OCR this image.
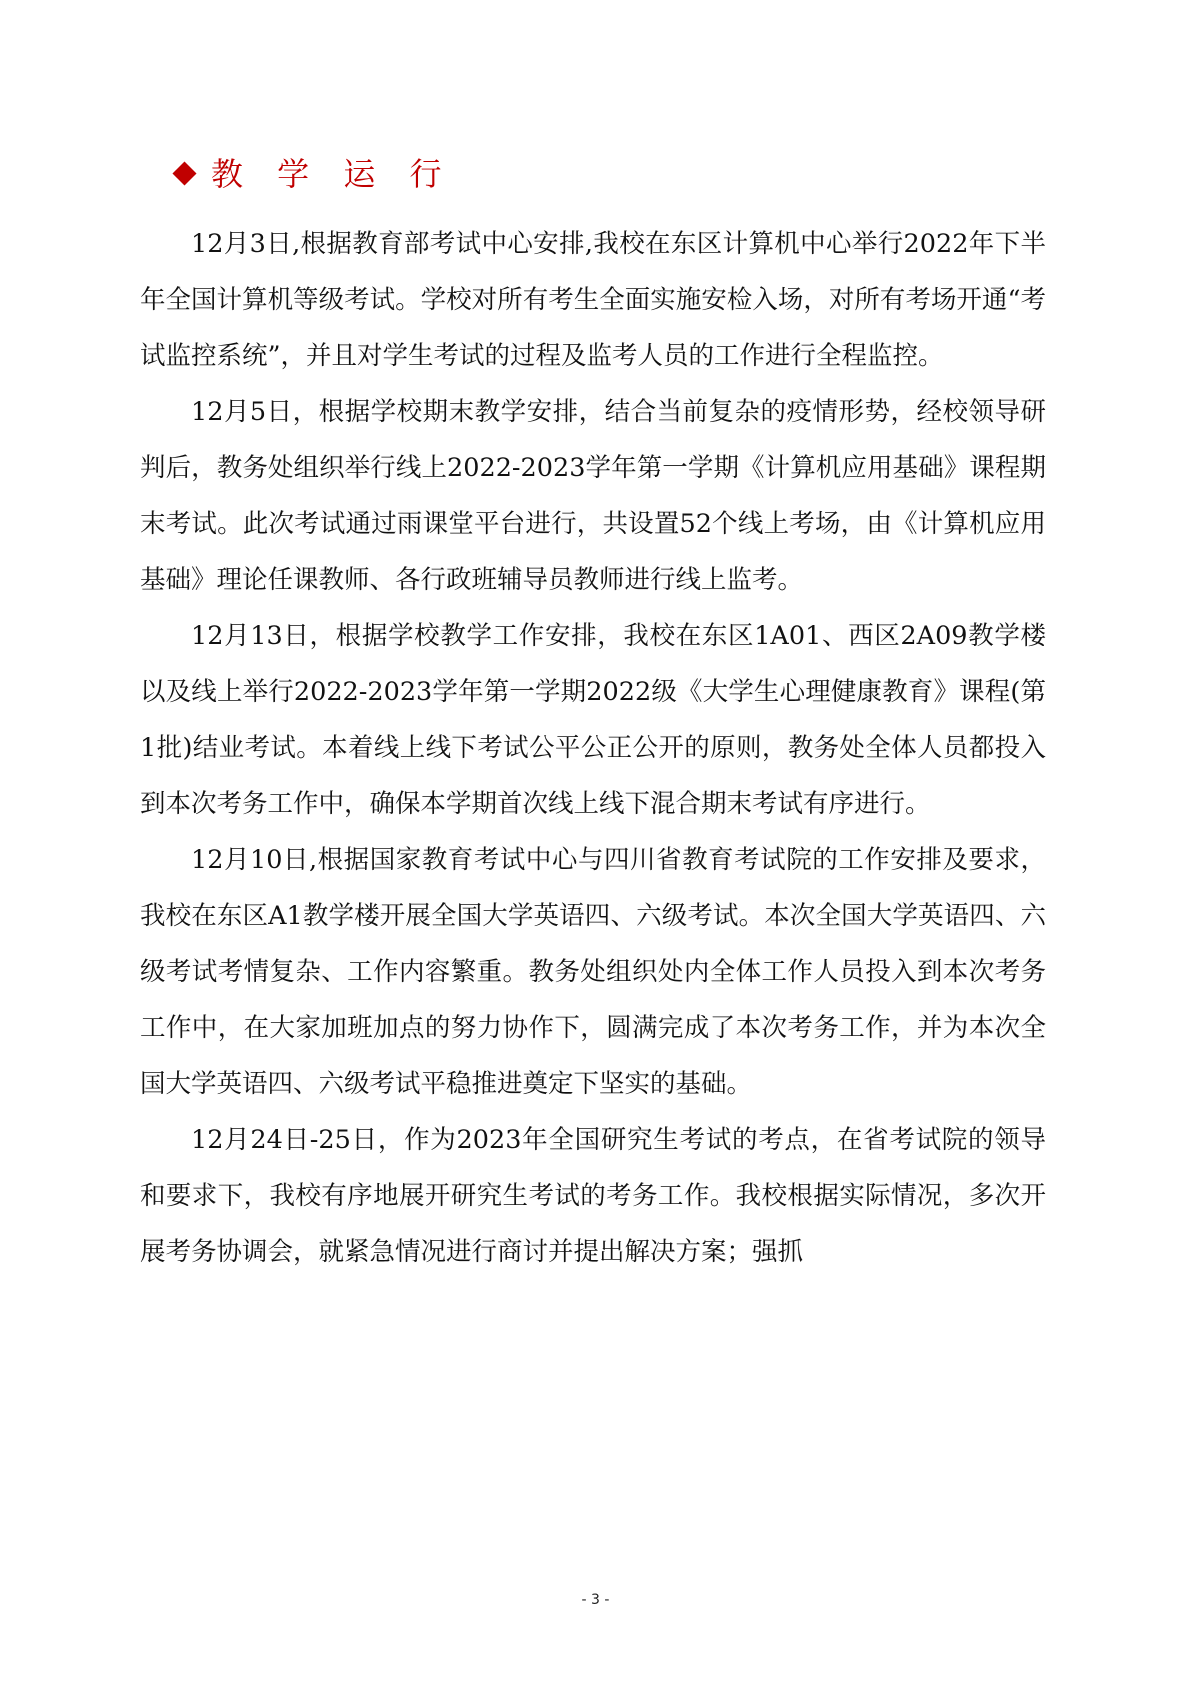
教 学 运 行

12月3日,根据教育部考试中心安排,我校在东区计算机中心举行2022年下半年全国计算机等级考试。学校对所有考生全面实施安检入场，对所有考场开通“考试监控系统”，并且对学生考试的过程及监考人员的工作进行全程监控。

12月5日，根据学校期末教学安排，结合当前复杂的疫情形势，经校领导研判后，教务处组织举行线上2022-2023学年第一学期《计算机应用基础》课程期末考试。此次考试通过雨课堂平台进行，共设置52个线上考场，由《计算机应用基础》理论任课教师、各行政班辅导员教师进行线上监考。

12月13日，根据学校教学工作安排，我校在东区1A01、西区2A09教学楼以及线上举行2022-2023学年第一学期2022级《大学生心理健康教育》课程(第1批)结业考试。本着线上线下考试公平公正公开的原则，教务处全体人员都投入到本次考务工作中，确保本学期首次线上线下混合期末考试有序进行。

12月10日,根据国家教育考试中心与四川省教育考试院的工作安排及要求，我校在东区A1教学楼开展全国大学英语四、六级考试。本次全国大学英语四、六级考试考情复杂、工作内容繁重。教务处组织处内全体工作人员投入到本次考务工作中，在大家加班加点的努力协作下，圆满完成了本次考务工作，并为本次全国大学英语四、六级考试平稳推进奠定下坚实的基础。

12月24日-25日，作为2023年全国研究生考试的考点，在省考试院的领导和要求下，我校有序地展开研究生考试的考务工作。我校根据实际情况，多次开展考务协调会，就紧急情况进行商讨并提出解决方案；强抓

- 3 -
